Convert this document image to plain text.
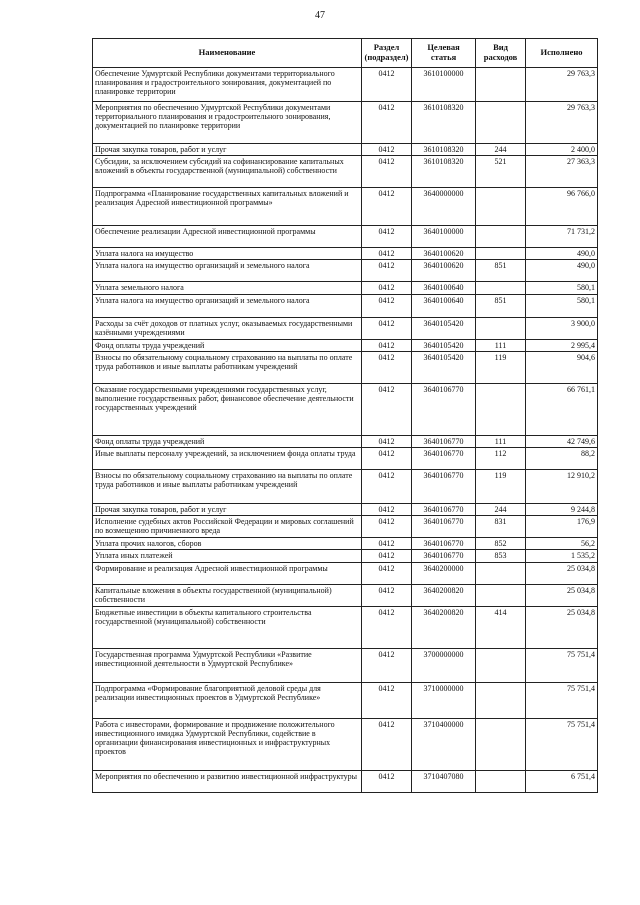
47
Наименование	Раздел (подраздел)	Целевая статья	Вид расходов	Исполнено
Обеспечение Удмуртской Республики документами территориального планирования и градостроительного зонирования, документацией по планировке территории	0412	3610100000		29 763,3
Мероприятия по обеспечению Удмуртской Республики документами территориального планирования и градостроительного зонирования, документацией по планировке территории	0412	3610108320		29 763,3
Прочая закупка товаров, работ и услуг	0412	3610108320	244	2 400,0
Субсидии, за исключением субсидий на софинансирование капитальных вложений в объекты государственной (муниципальной) собственности	0412	3610108320	521	27 363,3
Подпрограмма «Планирование государственных капитальных вложений и реализация Адресной инвестиционной программы»	0412	3640000000		96 766,0
Обеспечение реализации Адресной инвестиционной программы	0412	3640100000		71 731,2
Уплата налога на имущество	0412	3640100620		490,0
Уплата налога на имущество организаций и земельного налога	0412	3640100620	851	490,0
Уплата земельного налога	0412	3640100640		580,1
Уплата налога на имущество организаций и земельного налога	0412	3640100640	851	580,1
Расходы за счёт доходов от платных услуг, оказываемых государственными казёнными учреждениями	0412	3640105420		3 900,0
Фонд оплаты труда учреждений	0412	3640105420	111	2 995,4
Взносы по обязательному социальному страхованию на выплаты по оплате труда работников и иные выплаты работникам учреждений	0412	3640105420	119	904,6
Оказание государственными учреждениями государственных услуг, выполнение государственных работ, финансовое обеспечение деятельности государственных учреждений	0412	3640106770		66 761,1
Фонд оплаты труда учреждений	0412	3640106770	111	42 749,6
Иные выплаты персоналу учреждений, за исключением фонда оплаты труда	0412	3640106770	112	88,2
Взносы по обязательному социальному страхованию на выплаты по оплате труда работников и иные выплаты работникам учреждений	0412	3640106770	119	12 910,2
Прочая закупка товаров, работ и услуг	0412	3640106770	244	9 244,8
Исполнение судебных актов Российской Федерации и мировых соглашений по возмещению причиненного вреда	0412	3640106770	831	176,9
Уплата прочих налогов, сборов	0412	3640106770	852	56,2
Уплата иных платежей	0412	3640106770	853	1 535,2
Формирование и реализация Адресной инвестиционной программы	0412	3640200000		25 034,8
Капитальные вложения в объекты государственной (муниципальной) собственности	0412	3640200820		25 034,8
Бюджетные инвестиции в объекты капитального строительства государственной (муниципальной) собственности	0412	3640200820	414	25 034,8
Государственная программа Удмуртской Республики «Развитие инвестиционной деятельности в Удмуртской Республике»	0412	3700000000		75 751,4
Подпрограмма «Формирование благоприятной деловой среды для реализации инвестиционных проектов в Удмуртской Республике»	0412	3710000000		75 751,4
Работа с инвесторами, формирование и продвижение положительного инвестиционного имиджа Удмуртской Республики, содействие в организации финансирования инвестиционных и инфраструктурных проектов	0412	3710400000		75 751,4
Мероприятия по обеспечению и развитию инвестиционной инфраструктуры	0412	3710407080		6 751,4
